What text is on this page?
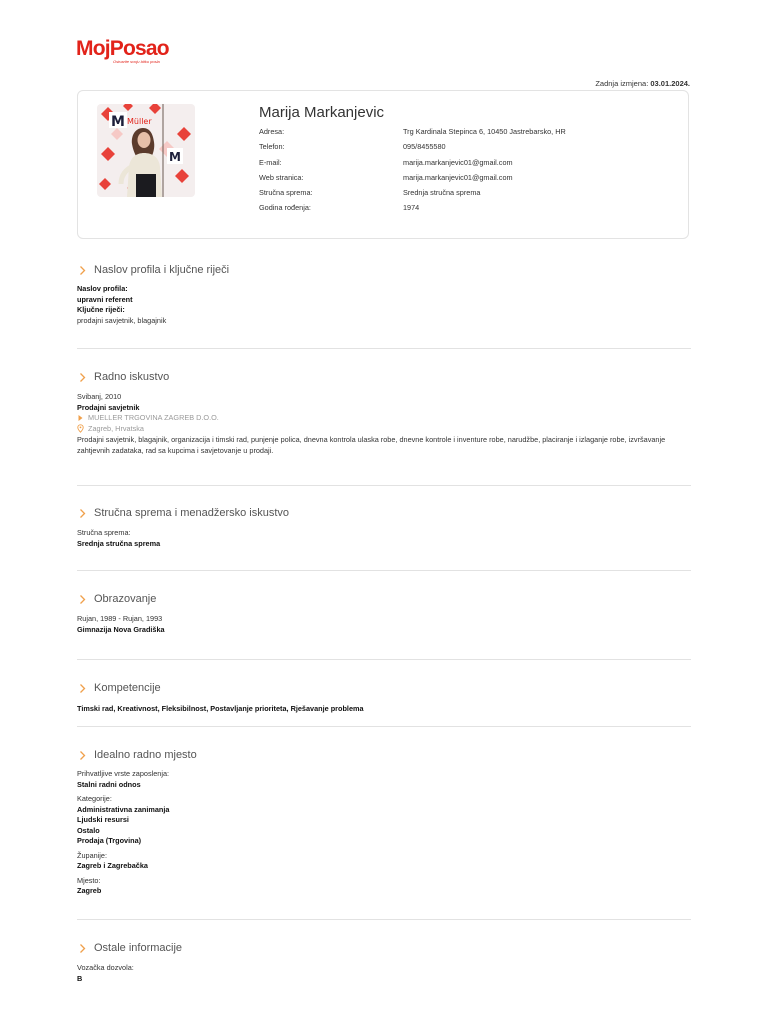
MojPosao
Ostvarite svoju bitku posla
Zadnja izmjena: 03.01.2024.
M Müller
M
Marija Markanjevic
Adresa:	Trg Kardinala Stepinca 6, 10450 Jastrebarsko, HR
Telefon:	095/8455580
E-mail:	marija.markanjevic01@gmail.com
Web stranica:	marija.markanjevic01@gmail.com
Stručna sprema:	Srednja stručna sprema
Godina rođenja:	1974
Naslov profila i ključne riječi
Naslov profila:
upravni referent
Ključne riječi:
prodajni savjetnik, blagajnik
Radno iskustvo
Svibanj, 2010
Prodajni savjetnik
MUELLER TRGOVINA ZAGREB D.O.O.
Zagreb, Hrvatska
Prodajni savjetnik, blagajnik, organizacija i timski rad, punjenje polica, dnevna kontrola ulaska robe, dnevne kontrole i inventure robe, narudžbe, placiranje i izlaganje robe, izvršavanje zahtjevnih zadataka, rad sa kupcima i savjetovanje u prodaji.
Stručna sprema i menadžersko iskustvo
Stručna sprema:
Srednja stručna sprema
Obrazovanje
Rujan, 1989 - Rujan, 1993
Gimnazija Nova Gradiška
Kompetencije
Timski rad, Kreativnost, Fleksibilnost, Postavljanje prioriteta, Rješavanje problema
Idealno radno mjesto
Prihvatljive vrste zaposlenja:
Stalni radni odnos
Kategorije:
Administrativna zanimanja
Ljudski resursi
Ostalo
Prodaja (Trgovina)
Županije:
Zagreb i Zagrebačka
Mjesto:
Zagreb
Ostale informacije
Vozačka dozvola:
B
